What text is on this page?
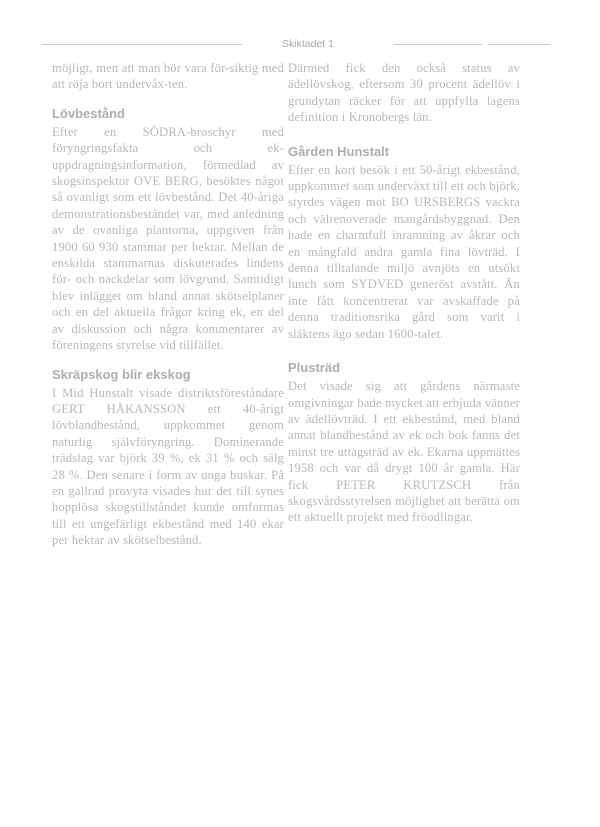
Skiktadet 1

möjligt, men att man bör vara för-siktig med att röja bort undervåx-ten.

Lövbestånd

Efter en SÖDRA-broschyr med föryngringsfakta och ek-uppdragningsinformation, förmedlad av skogsinspektor OVE BERG, besöktes något så ovanligt som ett lövbestånd. Det 40-åriga demonstrationsbeståndet var, med anledning av de ovanliga plantorna, uppgiven från 1900 60 930 stammar per hektar. Mellan de enskilda stammarnas diskuterades lindens för- och nackdelar som lövgrund. Samtidigt blev inlägget om bland annat skötselplaner och en del aktuella frågor kring ek, en del av diskussion och några kommentarer av föreningens styrelse vid tillfället.

Skräpskog blir ekskog

I Mid Hunstalt visade distriktsföreståndare GERT HÅKANSSON ett 40-årigt lövblandbestånd, uppkommet genom naturlig självföryngring. Dominerande trädslag var björk 39 %, ek 31 % och sälg 28 %. Den senare i form av unga buskar. På en gallrad provyta visades hur det till synes hopplösa skogstillståndet kunde omformas till ett ungefärligt ekbestånd med 140 ekar per hektar av skötselbestånd.

Därmed fick den också status av ädellövskog, eftersom 30 procent ädellöv i grundytan räcker för att uppfylla lagens definition i Kronobergs län.

Gården Hunstalt

Efter en kort besök i ett 50-årigt ekbestånd, uppkommet som underväxt till ett och björk, styrdes vägen mot BO URSBERGS vackra och välrenoverade mangårdsbyggnad. Den hade en charmfull inramning av åkrar och en mångfald andra gamla fina lövträd. I denna tilltalande miljö avnjöts en utsökt lunch som SYDVED generöst avstått. Än inte fått koncentrerat var avskaffade på denna traditionsrika gård som varit i släktens ägo sedan 1600-talet.

Plusträd

Det visade sig att gårdens närmaste omgivningar bade mycket att erbjuda vänner av ädellövträd. I ett ekbestånd, med bland annat blandbestånd av ek och bok fanns det minst tre uttagsträd av ek. Ekarna uppmättes 1958 och var då drygt 100 år gamla. Här fick PETER KRUTZSCH från skogsvårdsstyrelsen möjlighet att berätta om ett aktuellt projekt med fröodlingar.
